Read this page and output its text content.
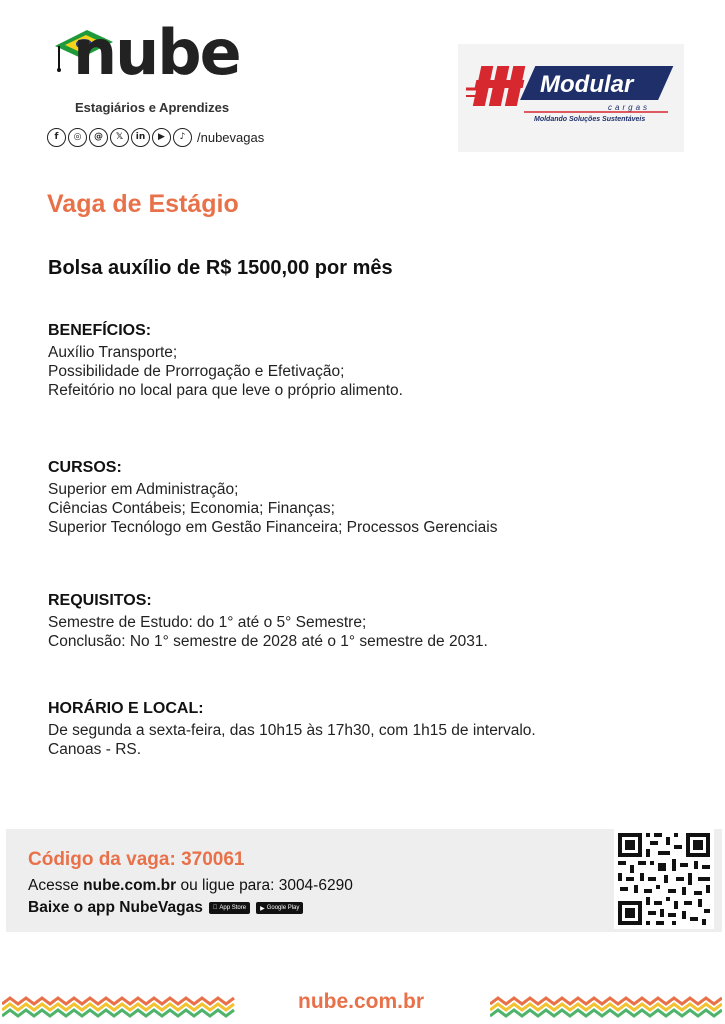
nube
Estagiários e Aprendizes
f	◎	@	𝕏	in	▶	♪ /nubevagas
Modular
cargas
Moldando Soluções Sustentáveis
Vaga de Estágio
Bolsa auxílio de R$ 1500,00 por mês
BENEFÍCIOS:
Auxílio Transporte;
Possibilidade de Prorrogação e Efetivação;
Refeitório no local para que leve o próprio alimento.
CURSOS:
Superior em Administração;
Ciências Contábeis; Economia; Finanças;
Superior Tecnólogo em Gestão Financeira; Processos Gerenciais
REQUISITOS:
Semestre de Estudo: do 1° até o 5° Semestre;
Conclusão: No 1° semestre de 2028 até o 1° semestre de 2031.
HORÁRIO E LOCAL:
De segunda a sexta-feira, das 10h15 às 17h30, com 1h15 de intervalo.
Canoas - RS.
Código da vaga: 370061
Acesse nube.com.br ou ligue para: 3004-6290
Baixe o app NubeVagas App Store ▶ Google Play
nube.com.br
